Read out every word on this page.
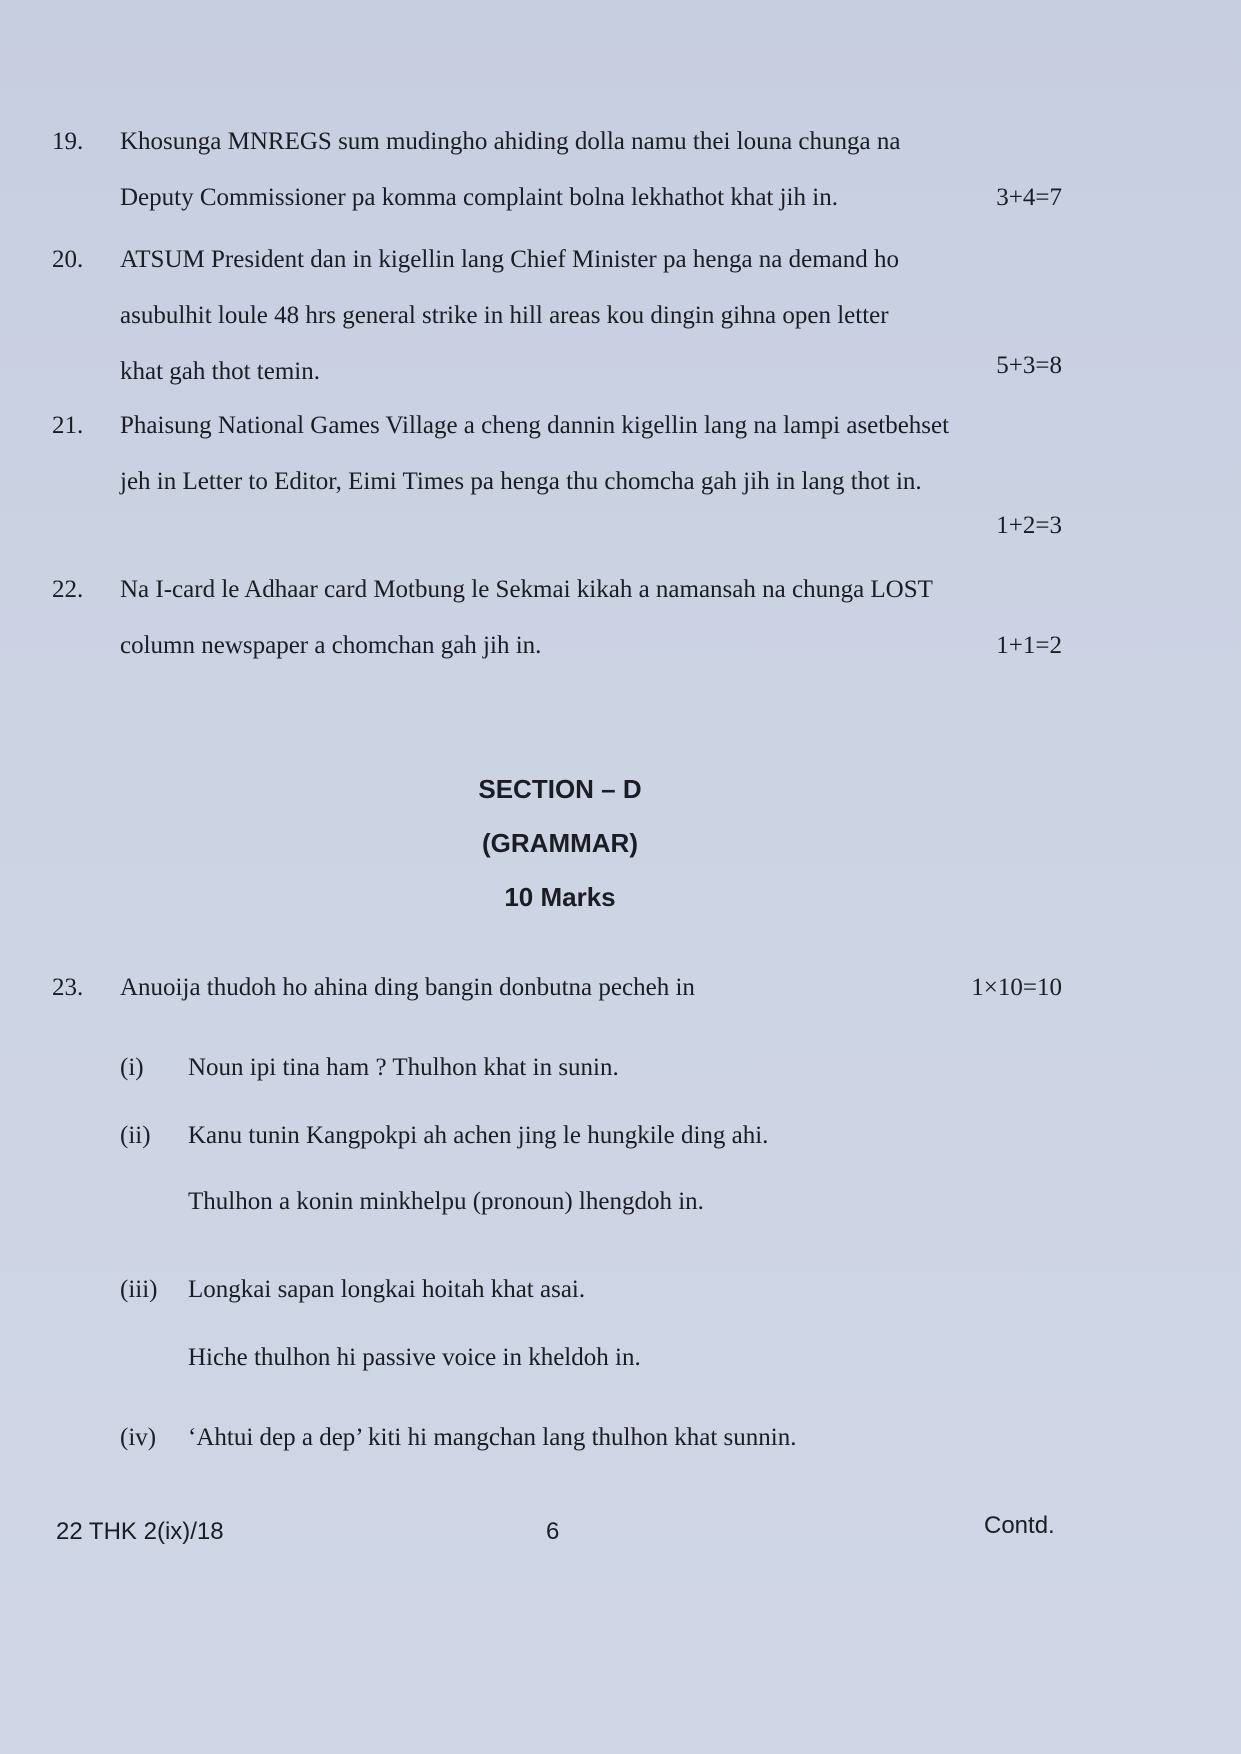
19.	Khosunga MNREGS sum mudingho ahiding dolla namu thei louna chunga na
Deputy Commissioner pa komma complaint bolna lekhathot khat jih in.	3+4=7
20.	ATSUM President dan in kigellin lang Chief Minister pa henga na demand ho
asubulhit loule 48 hrs general strike in hill areas kou dingin gihna open letter
khat gah thot temin.	5+3=8
21.	Phaisung National Games Village a cheng dannin kigellin lang na lampi asetbehset
jeh in Letter to Editor, Eimi Times pa henga thu chomcha gah jih in lang thot in.
1+2=3
22.	Na I-card le Adhaar card Motbung le Sekmai kikah a namansah na chunga LOST
column newspaper a chomchan gah jih in.	1+1=2
SECTION – D
(GRAMMAR)
10 Marks
23.	Anuoija thudoh ho ahina ding bangin donbutna pecheh in	1×10=10
(i)	Noun ipi tina ham ? Thulhon khat in sunin.
(ii)	Kanu tunin Kangpokpi ah achen jing le hungkile ding ahi.
Thulhon a konin minkhelpu (pronoun) lhengdoh in.
(iii)	Longkai sapan longkai hoitah khat asai.
Hiche thulhon hi passive voice in kheldoh in.
(iv)	‘Ahtui dep a dep’ kiti hi mangchan lang thulhon khat sunnin.
22 THK 2(ix)/18	6	Contd.
